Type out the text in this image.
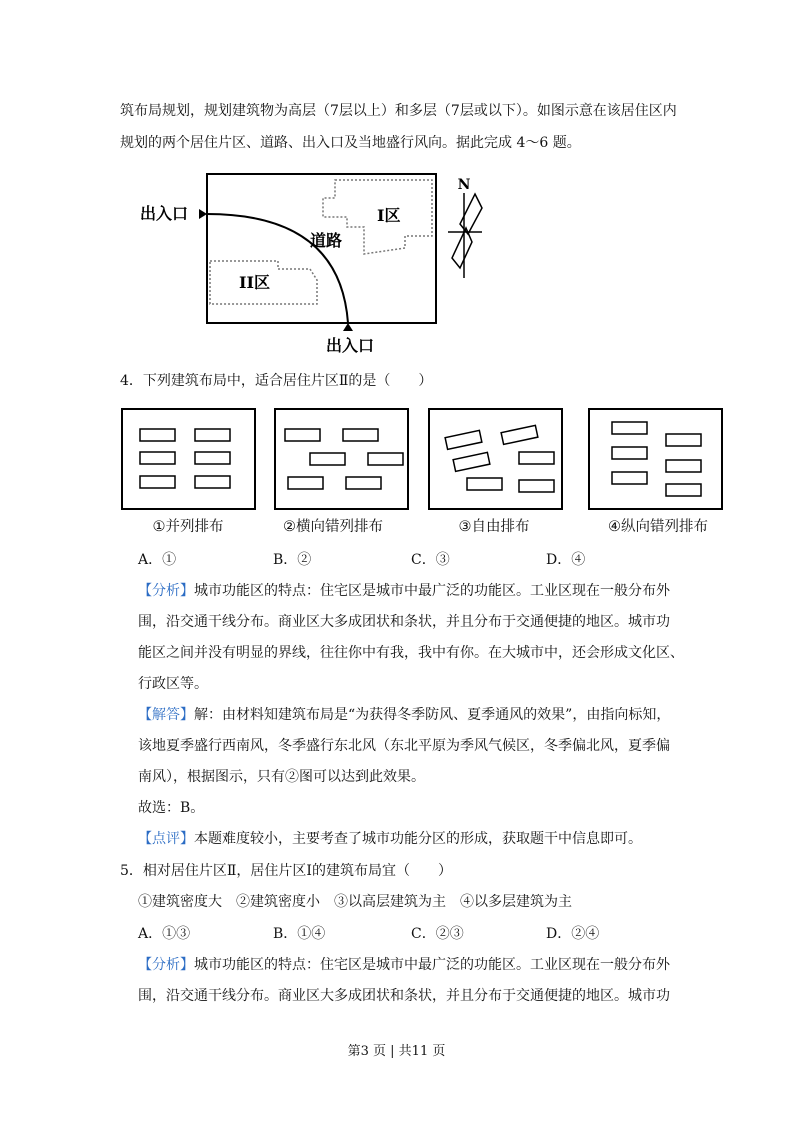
筑布局规划，规划建筑物为高层（7层以上）和多层（7层或以下）。如图示意在该居住区内
规划的两个居住片区、道路、出入口及当地盛行风向。据此完成 4～6 题。
出入口
出入口
道路
I区
II区
N
4．下列建筑布局中，适合居住片区Ⅱ的是（　　）
①并列排布	②横向错列排布	③自由排布	④纵向错列排布
A．①	B．②	C．③	D．④
【分析】城市功能区的特点：住宅区是城市中最广泛的功能区。工业区现在一般分布外
围，沿交通干线分布。商业区大多成团状和条状，并且分布于交通便捷的地区。城市功
能区之间并没有明显的界线，往往你中有我，我中有你。在大城市中，还会形成文化区、
行政区等。
【解答】解：由材料知建筑布局是“为获得冬季防风、夏季通风的效果”，由指向标知，
该地夏季盛行西南风，冬季盛行东北风（东北平原为季风气候区，冬季偏北风，夏季偏
南风），根据图示，只有②图可以达到此效果。
故选：B。
【点评】本题难度较小，主要考查了城市功能分区的形成，获取题干中信息即可。
5．相对居住片区Ⅱ，居住片区Ⅰ的建筑布局宜（　　）
①建筑密度大　②建筑密度小　③以高层建筑为主　④以多层建筑为主
A．①③	B．①④	C．②③	D．②④
【分析】城市功能区的特点：住宅区是城市中最广泛的功能区。工业区现在一般分布外
围，沿交通干线分布。商业区大多成团状和条状，并且分布于交通便捷的地区。城市功
第3 页 | 共11 页
